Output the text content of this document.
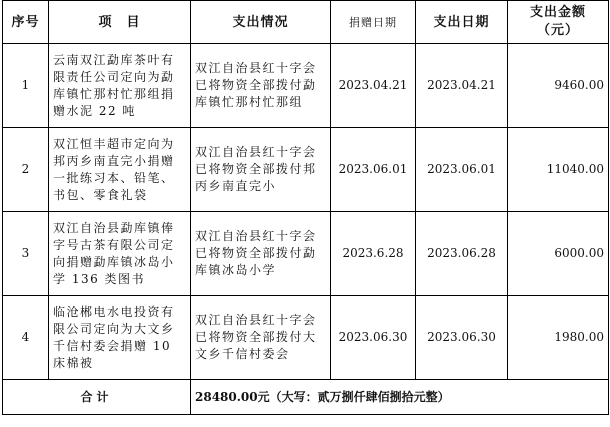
序号	项　目	支出情况	捐赠日期	支出日期	支出金额
（元）

1	云南双江勐库茶叶有限责任公司定向为勐库镇忙那村忙那组捐赠水泥 22 吨	双江自治县红十字会已将物资全部拨付勐库镇忙那村忙那组	2023.04.21	2023.04.21	9460.00
2	双江恒丰超市定向为邦丙乡南直完小捐赠一批练习本、铅笔、书包、零食礼袋	双江自治县红十字会已将物资全部拨付邦丙乡南直完小	2023.06.01	2023.06.01	11040.00
3	双江自治县勐库镇俸字号古茶有限公司定向捐赠勐库镇冰岛小学 136 类图书	双江自治县红十字会已将物资全部拨付勐库镇冰岛小学	2023.6.28	2023.06.28	6000.00
4	临沧郴电水电投资有限公司定向为大文乡千信村委会捐赠 10 床棉被	双江自治县红十字会已将物资全部拨付大文乡千信村委会	2023.06.30	2023.06.30	1980.00
合计		28480.00元（大写：贰万捌仟肆佰捌拾元整）			
